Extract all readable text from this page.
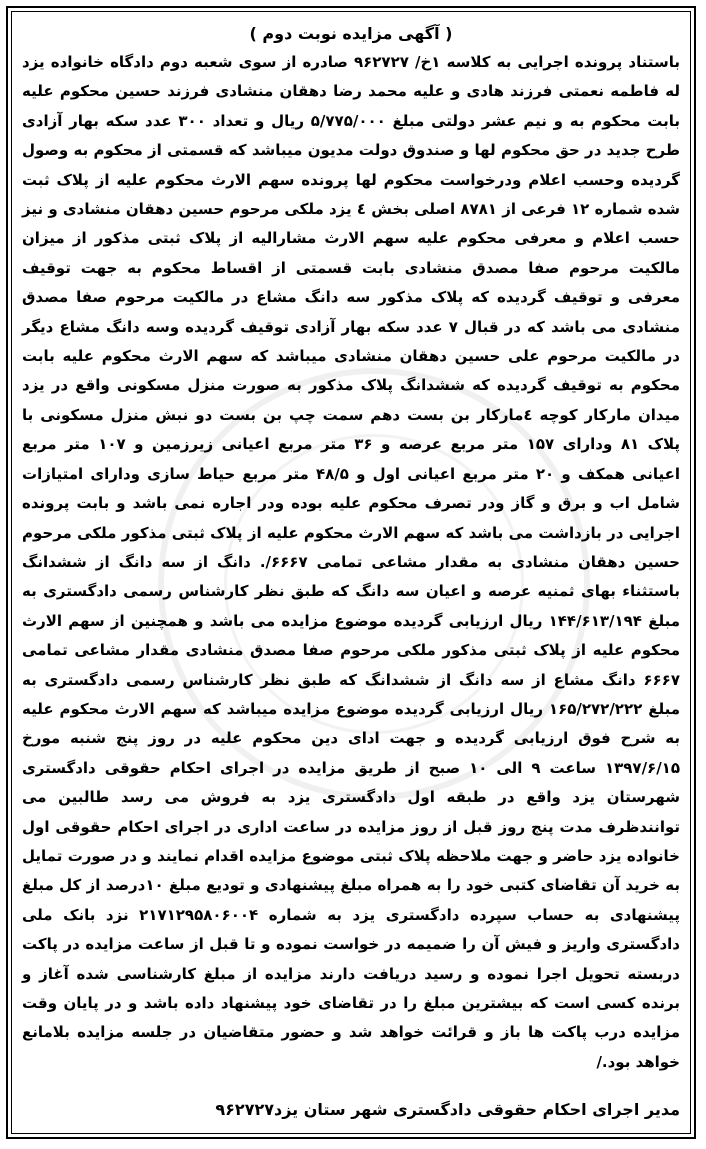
( آگهی مزایده نوبت دوم )

باستناد پرونده اجرایی به کلاسه ۱خ/ ۹۶۲۷۲۷ صادره از سوی شعبه دوم دادگاه خانواده یزد له فاطمه نعمتی فرزند هادی و علیه محمد رضا دهقان منشادی فرزند حسین محکوم علیه بابت محکوم به و نیم عشر دولتی مبلغ ۵/۷۷۵/۰۰۰ ریال و تعداد ۳۰۰ عدد سکه بهار آزادی طرح جدید در حق محکوم لها و صندوق دولت مدیون میباشد که قسمتی از محکوم به وصول گردیده وحسب اعلام ودرخواست محکوم لها پرونده سهم الارث محکوم علیه از پلاک ثبت شده شماره ۱۲ فرعی از ۸۷۸۱ اصلی بخش ٤ یزد ملکی مرحوم حسین دهقان منشادی و نیز حسب اعلام و معرفی محکوم علیه سهم الارث مشارالیه از پلاک ثبتی مذکور از میزان مالکیت مرحوم صفا مصدق منشادی بابت قسمتی از اقساط محکوم به جهت توقیف معرفی و توقیف گردیده که پلاک مذکور سه دانگ مشاع در مالکیت مرحوم صفا مصدق منشادی می باشد که در قبال ۷ عدد سکه بهار آزادی توقیف گردیده وسه دانگ مشاع دیگر در مالکیت مرحوم علی حسین دهقان منشادی میباشد که سهم الارث محکوم علیه بابت محکوم به توقیف گردیده که ششدانگ پلاک مذکور به صورت منزل مسکونی واقع در یزد میدان مارکار کوچه ٤مارکار بن بست دهم سمت چپ بن بست دو نبش منزل مسکونی با پلاک ۸۱ ودارای ۱۵۷ متر مربع عرصه و ۳۶ متر مربع اعیانی زیرزمین و ۱۰۷ متر مربع اعیانی همکف و ۲۰ متر مربع اعیانی اول و ۴۸/۵ متر مربع حیاط سازی ودارای امتیازات شامل اب و برق و گاز ودر تصرف محکوم علیه بوده ودر اجاره نمی باشد و بابت پرونده اجرایی در بازداشت می باشد که سهم الارث محکوم علیه از پلاک ثبتی مذکور ملکی مرحوم حسین دهقان منشادی به مقدار مشاعی تمامی ۶۶۶۷/. دانگ از سه دانگ از ششدانگ باستثناء بهای ثمنیه عرصه و اعیان سه دانگ که طبق نظر کارشناس رسمی دادگستری به مبلغ ۱۴۴/۶۱۳/۱۹۴ ریال ارزیابی گردیده موضوع مزایده می باشد و همچنین از سهم الارث محکوم علیه از پلاک ثبتی مذکور ملکی مرحوم صفا مصدق منشادی مقدار مشاعی تمامی ۶۶۶۷ دانگ مشاع از سه دانگ از ششدانگ که طبق نظر کارشناس رسمی دادگستری به مبلغ ۱۶۵/۲۷۲/۲۲۲ ریال ارزیابی گردیده موضوع مزایده میباشد که سهم الارث محکوم علیه به شرح فوق ارزیابی گردیده و جهت ادای دین محکوم علیه در روز پنج شنبه مورخ ۱۳۹۷/۶/۱۵ ساعت ۹ الی ۱۰ صبح از طریق مزایده در اجرای احکام حقوقی دادگستری شهرستان یزد واقع در طبقه اول دادگستری یزد به فروش می رسد طالبین می توانندظرف مدت پنج روز قبل از روز مزایده در ساعت اداری در اجرای احکام حقوقی اول خانواده یزد حاضر و جهت ملاحظه پلاک ثبتی موضوع مزایده اقدام نمایند و در صورت تمایل به خرید آن تقاضای کتبی خود را به همراه مبلغ پیشنهادی و تودیع مبلغ ۱۰درصد از کل مبلغ پیشنهادی به حساب سپرده دادگستری یزد به شماره ۲۱۷۱۲۹۵۸۰۶۰۰۴ نزد بانک ملی دادگستری واریز و فیش آن را ضمیمه در خواست نموده و تا قبل از ساعت مزایده در پاکت دربسته تحویل اجرا نموده و رسید دریافت دارند مزایده از مبلغ کارشناسی شده آغاز و برنده کسی است که بیشترین مبلغ را در تقاضای خود پیشنهاد داده باشد و در پایان وقت مزایده درب پاکت ها باز و قرائت خواهد شد و حضور متقاضیان در جلسه مزایده بلامانع خواهد بود./

مدیر اجرای احکام حقوقی دادگستری شهر ستان یزد۹۶۲۷۲۷
